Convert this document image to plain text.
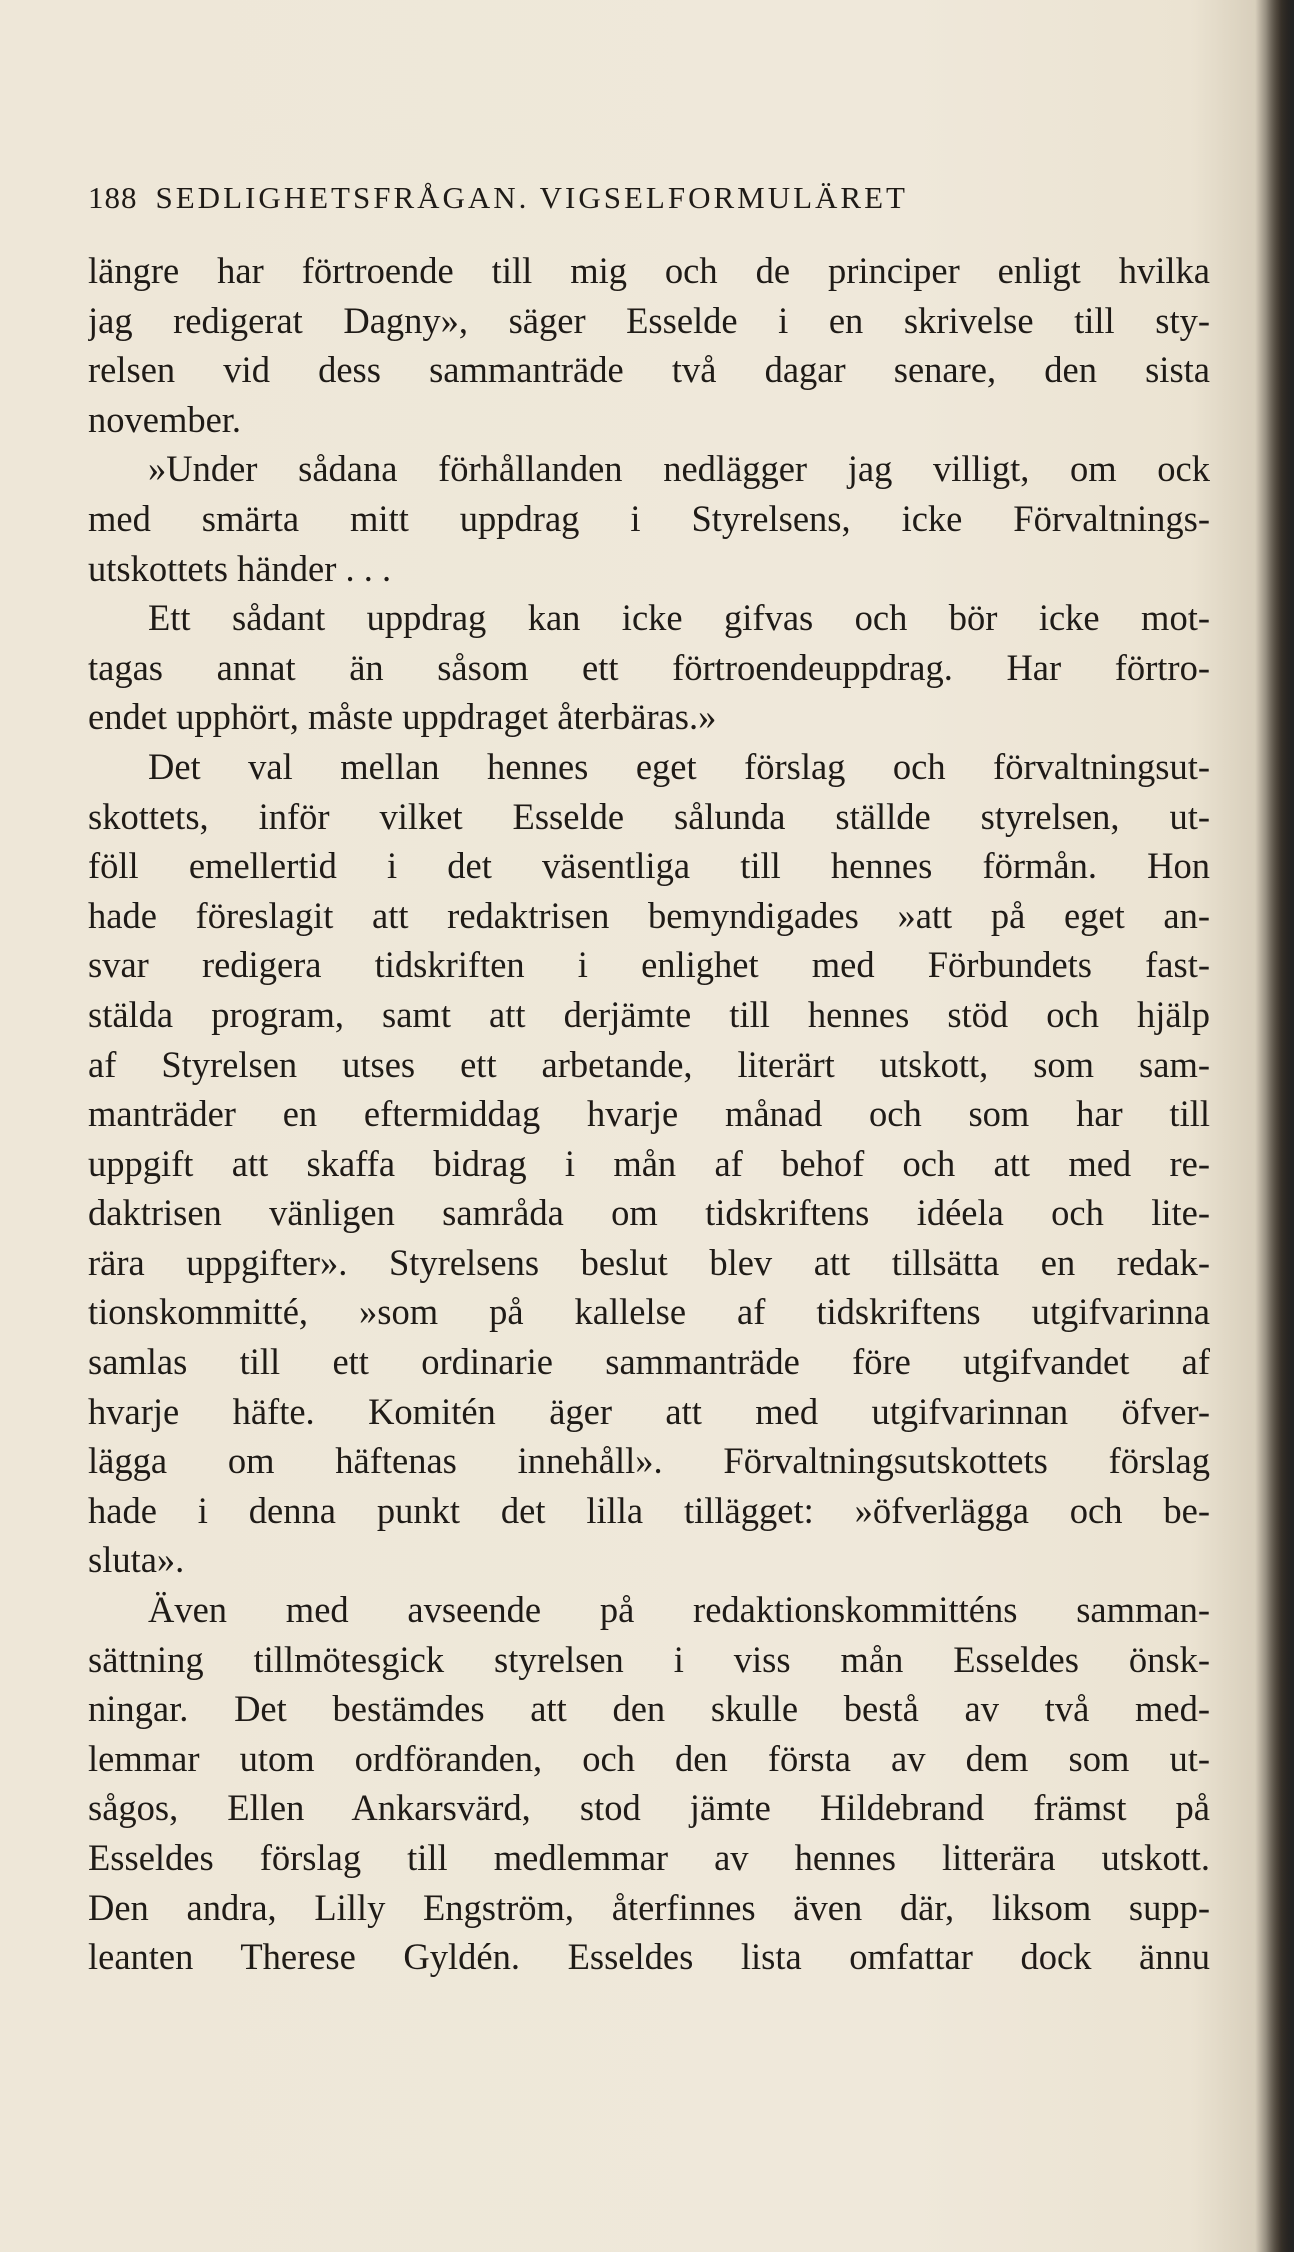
188 SEDLIGHETSFRÅGAN. VIGSELFORMULÄRET
längre har förtroende till mig och de principer enligt hvilka
jag redigerat Dagny», säger Esselde i en skrivelse till sty-
relsen vid dess sammanträde två dagar senare, den sista
november.
»Under sådana förhållanden nedlägger jag villigt, om ock
med smärta mitt uppdrag i Styrelsens, icke Förvaltnings-
utskottets händer . . .
Ett sådant uppdrag kan icke gifvas och bör icke mot-
tagas annat än såsom ett förtroendeuppdrag. Har förtro-
endet upphört, måste uppdraget återbäras.»
Det val mellan hennes eget förslag och förvaltningsut-
skottets, inför vilket Esselde sålunda ställde styrelsen, ut-
föll emellertid i det väsentliga till hennes förmån. Hon
hade föreslagit att redaktrisen bemyndigades »att på eget an-
svar redigera tidskriften i enlighet med Förbundets fast-
stälda program, samt att derjämte till hennes stöd och hjälp
af Styrelsen utses ett arbetande, literärt utskott, som sam-
manträder en eftermiddag hvarje månad och som har till
uppgift att skaffa bidrag i mån af behof och att med re-
daktrisen vänligen samråda om tidskriftens idéela och lite-
rära uppgifter». Styrelsens beslut blev att tillsätta en redak-
tionskommitté, »som på kallelse af tidskriftens utgifvarinna
samlas till ett ordinarie sammanträde före utgifvandet af
hvarje häfte. Komitén äger att med utgifvarinnan öfver-
lägga om häftenas innehåll». Förvaltningsutskottets förslag
hade i denna punkt det lilla tillägget: »öfverlägga och be-
sluta».
Även med avseende på redaktionskommitténs samman-
sättning tillmötesgick styrelsen i viss mån Esseldes önsk-
ningar. Det bestämdes att den skulle bestå av två med-
lemmar utom ordföranden, och den första av dem som ut-
sågos, Ellen Ankarsvärd, stod jämte Hildebrand främst på
Esseldes förslag till medlemmar av hennes litterära utskott.
Den andra, Lilly Engström, återfinnes även där, liksom supp-
leanten Therese Gyldén. Esseldes lista omfattar dock ännu
